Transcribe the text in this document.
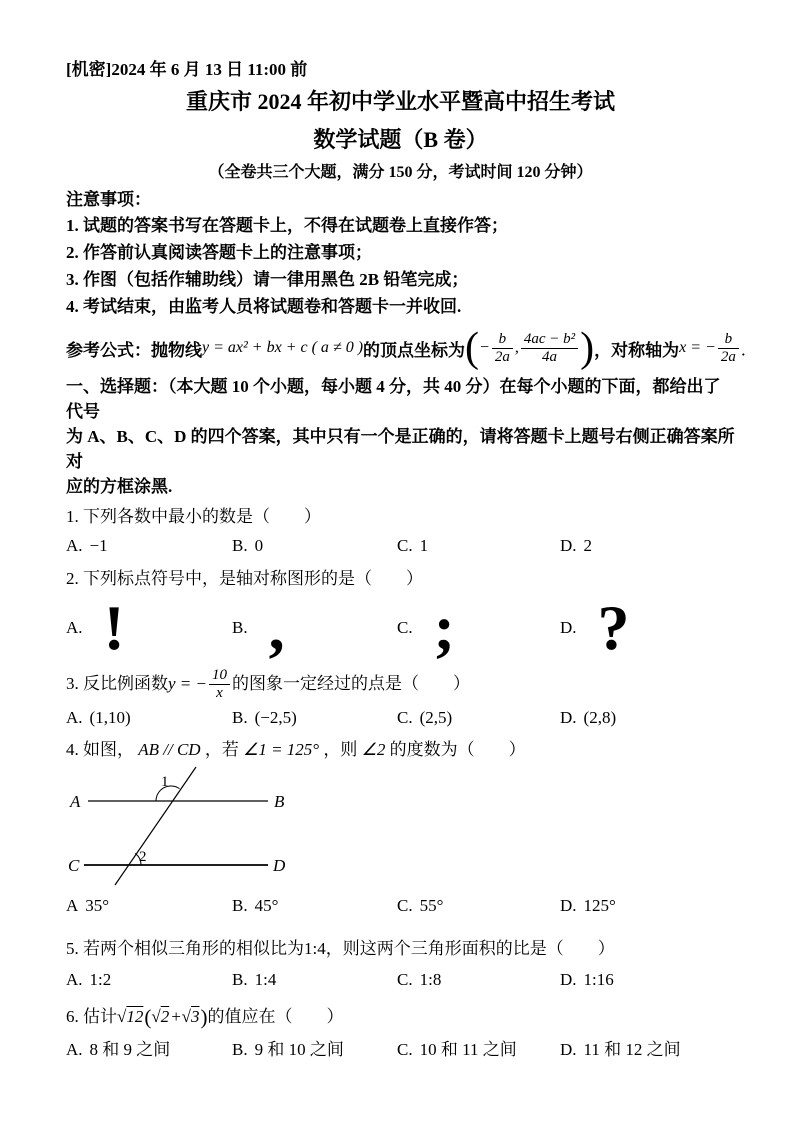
[机密]2024 年 6 月 13 日 11:00 前
重庆市 2024 年初中学业水平暨高中招生考试
数学试题（B 卷）
（全卷共三个大题，满分 150 分，考试时间 120 分钟）
注意事项：
1. 试题的答案书写在答题卡上，不得在试题卷上直接作答；
2. 作答前认真阅读答题卡上的注意事项；
3. 作图（包括作辅助线）请一律用黑色 2B 铅笔完成；
4. 考试结束，由监考人员将试题卷和答题卡一并收回.
参考公式：抛物线 y = ax² + bx + c ( a ≠ 0 ) 的顶点坐标为 ( − $\frac{b}{2a}$ , $\frac{\text{4ac − b²}}{4a}$ ) ，对称轴为 x = − $\frac{b}{2a}$ ．
一、选择题：（本大题 10 个小题，每小题 4 分，共 40 分）在每个小题的下面，都给出了代号
为 A、B、C、D 的四个答案，其中只有一个是正确的，请将答题卡上题号右侧正确答案所对
应的方框涂黑.
1. 下列各数中最小的数是（　　）
A. −1	B. 0	C. 1	D. 2
2. 下列标点符号中，是轴对称图形的是（　　）
A. !	B. ,	C. ;	D. ?
3. 反比例函数 y = − $\frac{10}{x}$ 的图象一定经过的点是（　　）
A. (1,10)	B. (−2,5)	C. (2,5)	D. (2,8)
4. 如图， AB // CD ，若 ∠1 = 125° ，则 ∠2 的度数为（　　）
A	B
C	D
1
2
A 35°	B. 45°	C. 55°	D. 125°
5. 若两个相似三角形的相似比为1:4，则这两个三角形面积的比是（　　）
A. 1:2	B. 1:4	C. 1:8	D. 1:16
6. 估计 √ 12 ( √ 2 + √ 3 ) 的值应在（　　）
A. 8 和 9 之间	B. 9 和 10 之间	C. 10 和 11 之间	D. 11 和 12 之间
